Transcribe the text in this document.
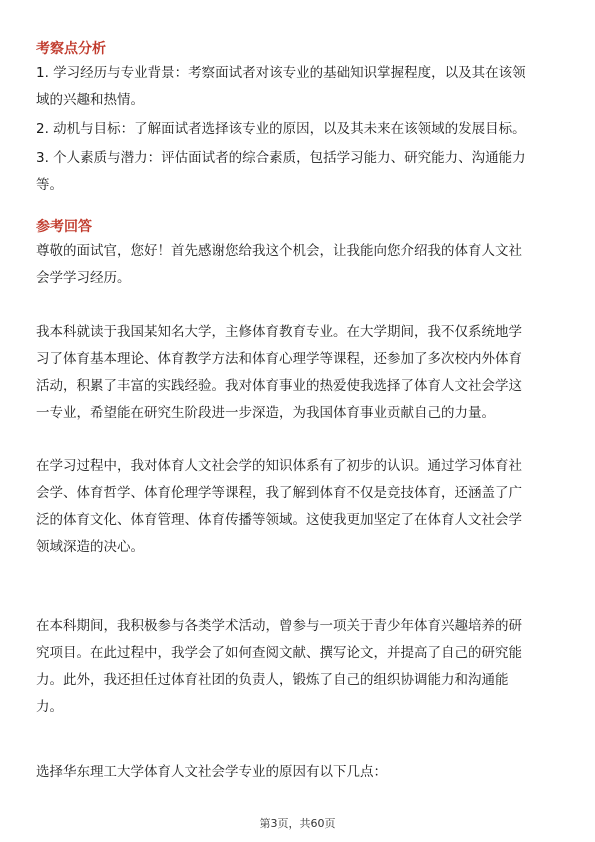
考察点分析

1. 学习经历与专业背景：考察面试者对该专业的基础知识掌握程度，以及其在该领
域的兴趣和热情。

2. 动机与目标：了解面试者选择该专业的原因，以及其未来在该领域的发展目标。

3. 个人素质与潜力：评估面试者的综合素质，包括学习能力、研究能力、沟通能力
等。

参考回答

尊敬的面试官，您好！首先感谢您给我这个机会，让我能向您介绍我的体育人文社
会学学习经历。

我本科就读于我国某知名大学，主修体育教育专业。在大学期间，我不仅系统地学
习了体育基本理论、体育教学方法和体育心理学等课程，还参加了多次校内外体育
活动，积累了丰富的实践经验。我对体育事业的热爱使我选择了体育人文社会学这
一专业，希望能在研究生阶段进一步深造，为我国体育事业贡献自己的力量。

在学习过程中，我对体育人文社会学的知识体系有了初步的认识。通过学习体育社
会学、体育哲学、体育伦理学等课程，我了解到体育不仅是竞技体育，还涵盖了广
泛的体育文化、体育管理、体育传播等领域。这使我更加坚定了在体育人文社会学
领域深造的决心。

在本科期间，我积极参与各类学术活动，曾参与一项关于青少年体育兴趣培养的研
究项目。在此过程中，我学会了如何查阅文献、撰写论文，并提高了自己的研究能
力。此外，我还担任过体育社团的负责人，锻炼了自己的组织协调能力和沟通能
力。

选择华东理工大学体育人文社会学专业的原因有以下几点：

第3页，共60页
